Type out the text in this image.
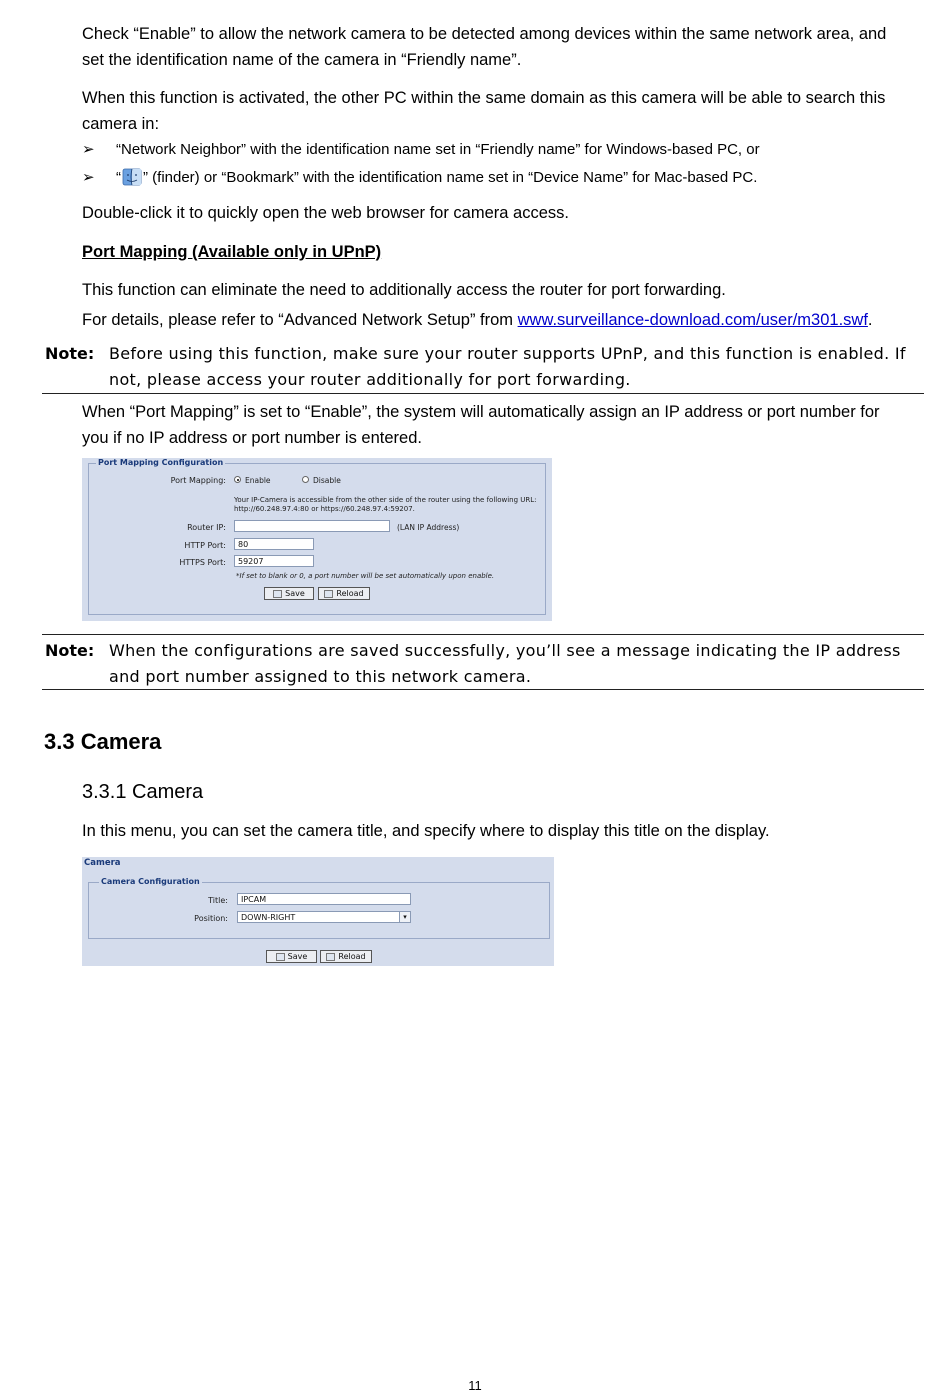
Check “Enable” to allow the network camera to be detected among devices within the same network area, and
set the identification name of the camera in “Friendly name”.

When this function is activated, the other PC within the same domain as this camera will be able to search this
camera in:

➢ “Network Neighbor” with the identification name set in “Friendly name” for Windows-based PC, or
➢ “ ” (finder) or “Bookmark” with the identification name set in “Device Name” for Mac-based PC.

Double-click it to quickly open the web browser for camera access.

Port Mapping (Available only in UPnP)

This function can eliminate the need to additionally access the router for port forwarding.

For details, please refer to “Advanced Network Setup” from www.surveillance-download.com/user/m301.swf.

Note: Before using this function, make sure your router supports UPnP, and this function is enabled. If
not, please access your router additionally for port forwarding.

When “Port Mapping” is set to “Enable”, the system will automatically assign an IP address or port number for
you if no IP address or port number is entered.

Port Mapping Configuration
Port Mapping:	Enable	Disable
Your IP-Camera is accessible from the other side of the router using the following URL:
http://60.248.97.4:80 or https://60.248.97.4:59207.
Router IP:	(LAN IP Address)
HTTP Port:	80
HTTPS Port:	59207
*If set to blank or 0, a port number will be set automatically upon enable.
Save	Reload
Note: When the configurations are saved successfully, you’ll see a message indicating the IP address
and port number assigned to this network camera.
3.3 Camera
3.3.1 Camera

In this menu, you can set the camera title, and specify where to display this title on the display.

Camera
Camera Configuration
Title:	IPCAM
Position:	DOWN-RIGHT	▾
Save	Reload
11
